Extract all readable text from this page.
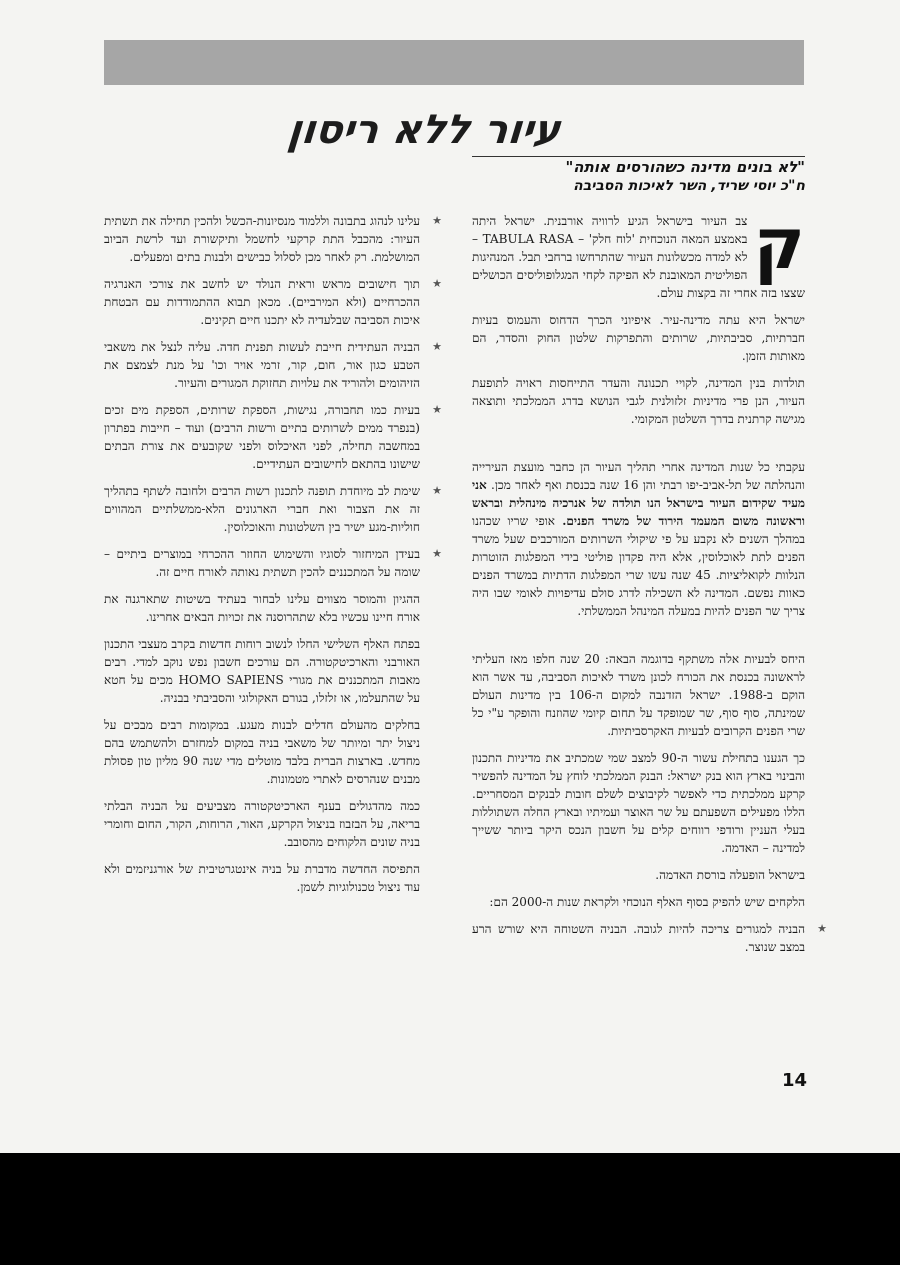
עיור ללא ריסון
"לא בונים מדינה כשהורסים אותה"
ח"כ יוסי שריד, השר לאיכות הסביבה

ק
צב העיור בישראל הגיע לרוויה אורבנית. ישראל היתה באמצע המאה הנוכחית 'לוח חלק' – TABULA RASA – לא למדה מכשלונות העיור שהתרחשו ברחבי תבל. המנהיגות הפוליטית המאובנת לא הפיקה לקחי המגלופוליסים הכושלים שצצו בזה אחרי זה בקצות עולם.

ישראל היא עתה מדינה-עיר. איפיוני הכרך הדחוס והעמוס בעיות חברתיות, סביבתיות, שרותים והתפרקות שלטון החוק והסדר, הם מאותות הזמן.

תולדות בנין המדינה, לקויי תכנונה והעדר התייחסות ראויה לתופעת העיור, הנן פרי מדיניות זלזולנית לגבי הנושא בדרג הממלכתי ותוצאה מגישה קרתנית בדרך השלטון המקומי.

עקבתי כל שנות המדינה אחרי תהליך העיור הן כחבר מועצת העירייה והנהלתה של תל-אביב-יפו רבתי והן 16 שנה בכנסת ואף לאחר מכן. אני מעיד שקידום העיור בישראל הנו תולדה של אנרכיה מינהלית ובראש וראשונה משום המעמד הירוד של משרד הפנים. אופי שריו שכהנו במהלך השנים לא נקבע על פי שיקולי השרותים המורכבים שעל משרד הפנים לתת לאוכלוסין, אלא היה פקדון פוליטי בידי המפלגות הזוטרות הנלוות לקואליציות. 45 שנה עשו שרי המפלגות הדתיות במשרד הפנים כאוות נפשם. המדינה לא השכילה לדרג סולם עדיפויות לאומי שבו היה צריך שר הפנים להיות במעלה המינהל הממשלתי.

היחס לבעיות אלה משתקף בדוגמה הבאה: 20 שנה חלפו מאז העליתי לראשונה בכנסת את הכורח לכונן משרד לאיכות הסביבה, עד אשר הוא הוקם ב-1988. ישראל הזדנבה למקום ה-106 בין מדינות העולם שמינתה, סוף סוף, שר שמופקד על תחום קיומי שהוזנח והופקר ע"י כל שרי הפנים הקרובים לבעיות האקרסביתיות.

כך הגענו בתחילת עשור ה-90 למצב שמי שמכתיב את מדיניות התכנון והבינוי בארץ הוא בנק ישראל: הבנק הממלכתי לוחץ על המדינה להפשיר קרקע ממלכתית כדי לאפשר לקיבוצים לשלם חובות לבנקים המסחריים. הללו מפעילים השפעתם על שר האוצר ועמיתיו ובארץ החלה השתוללות בעלי העניין ורודפי רווחים קלים על חשבון הנכס היקר ביותר ששייך למדינה – האדמה.

בישראל הופעלה בורסת האדמה.

הלקחים שיש להפיק בסוף האלף הנוכחי ולקראת שנות ה-2000 הם:

★
הבניה למגורים צריכה להיות לגובה. הבניה השטוחה היא שורש הרע במצב שנוצר.

★
עלינו לנהוג בתבונה וללמוד מנסיונות-הכשל ולהכין תחילה את תשתית העיור: מהכבל התת קרקעי לחשמל ותיקשורת ועד לרשת הביוב המושלמת. רק לאחר מכן לסלול כבישים ולבנות בתים ומפעלים.

★
תוך חישובים מראש וראית הנולד יש לחשב את צורכי האנרגיה ההכרחיים (ולא המירביים). מכאן תבוא ההתמודדות עם הבטחת איכות הסביבה שבלעדיה לא יתכנו חיים תקינים.

★
הבניה העתידית חייבת לעשות תפנית חדה. עליה לנצל את משאבי הטבע כגון אור, חום, קור, זרמי אויר וכו' על מנת לצמצם את הזיהומים ולהוריד את עלויות תחזוקת המגורים והעיור.

★
בעיות כמו תחבורה, נגישות, הספקת שרותים, הספקת מים זכים (בנפרד ממים לשרותים בתיים ורשות הרבים) ועוד – חייבות בפתרון במחשבה תחילה, לפני האיכלוס ולפני שקובעים את צורת הבתים שישונו בהתאם לחישובים העתידיים.

★
שימת לב מיוחדת תופנה לתכנון רשות הרבים ולחובה לשתף בתהליך זה את הצבור ואת חברי הארגונים הלא-ממשלתיים המהווים חוליות-מגע ישיר בין השלטונות והאוכלוסין.

★
בעידן המיחזור לסוגיו והשימוש החוזר ההכרחי במוצרים ביתיים – שומה על המתכננים להכין תשתית נאותה לאורח חיים זה.

ההגיון והמוסר מצווים עלינו לבחור בעתיד בשיטות שתארגנה את אורח חיינו עכשיו בלא שתהרוסנה את זכויות הבאים אחרינו.

בפתח האלף השלישי החלו לנשוב רוחות חדשות בקרב מעצבי התכנון האורבני והארכיטקטורה. הם עורכים חשבון נפש נוקב למדי. רבים מאבות המתכננים את מגורי HOMO SAPIENS מכים על חטא על שהתעלמו, או זלזלו, בגורם האקולוגי והסביבתי בבניה.

בחלקים מהעולם חדלים לבנות מעגע. במקומות רבים מבכים על ניצול יתר ומיותר של משאבי בניה במקום למחזרם ולהשתמש בהם מחדש. בארצות הברית בלבד מוטלים מדי שנה 90 מליון טון פסולת מבנים שנהרסים לאתרי מטמונות.

כמה מהדגולים בענף הארכיטקטורה מצביעים על הבניה הבלתי בריאה, על הבזבוז בניצול הקרקע, האור, הרוחות, הקור, החום וחומרי בניה שונים הלקוחים מהסובב.

התפיסה החדשה מדברת על בניה אינטגרטיבית של אורגניזמים ולא עוד ניצול טכנולוגיות לשמן.

14
